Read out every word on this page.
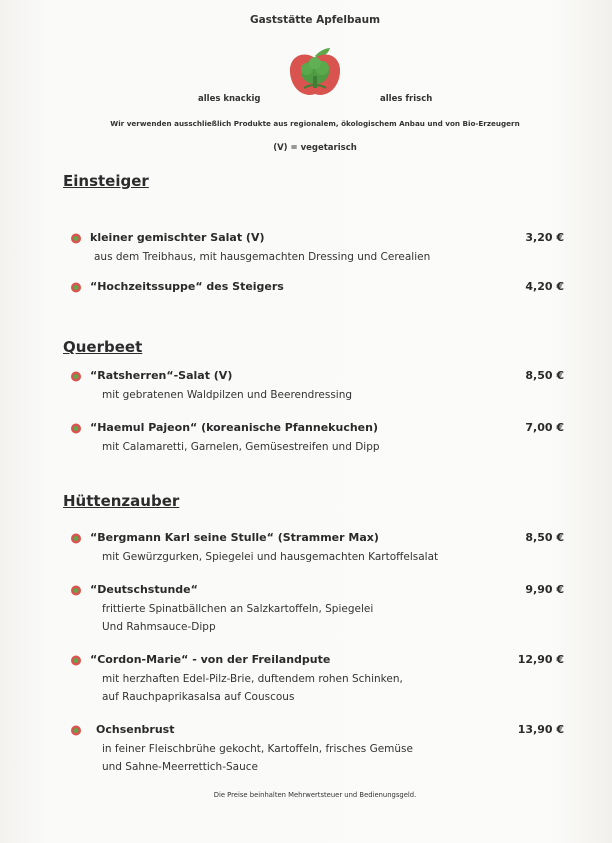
Gaststätte Apfelbaum
alles knackig	alles frisch
Wir verwenden ausschließlich Produkte aus regionalem, ökologischem Anbau und von Bio-Erzeugern
(V) = vegetarisch
Einsteiger
kleiner gemischter Salat (V)	3,20 €
aus dem Treibhaus, mit hausgemachten Dressing und Cerealien
“Hochzeitssuppe“ des Steigers	4,20 €
Querbeet
“Ratsherren“-Salat (V)	8,50 €
mit gebratenen Waldpilzen und Beerendressing
“Haemul Pajeon“ (koreanische Pfannekuchen)	7,00 €
mit Calamaretti, Garnelen, Gemüsestreifen und Dipp
Hüttenzauber
“Bergmann Karl seine Stulle“ (Strammer Max)	8,50 €
mit Gewürzgurken, Spiegelei und hausgemachten Kartoffelsalat
“Deutschstunde“	9,90 €
frittierte Spinatbällchen an Salzkartoffeln, Spiegelei
Und Rahmsauce-Dipp
“Cordon-Marie“ - von der Freilandpute	12,90 €
mit herzhaften Edel-Pilz-Brie, duftendem rohen Schinken,
auf Rauchpaprikasalsa auf Couscous
Ochsenbrust	13,90 €
in feiner Fleischbrühe gekocht, Kartoffeln, frisches Gemüse
und Sahne-Meerrettich-Sauce
Die Preise beinhalten Mehrwertsteuer und Bedienungsgeld.
